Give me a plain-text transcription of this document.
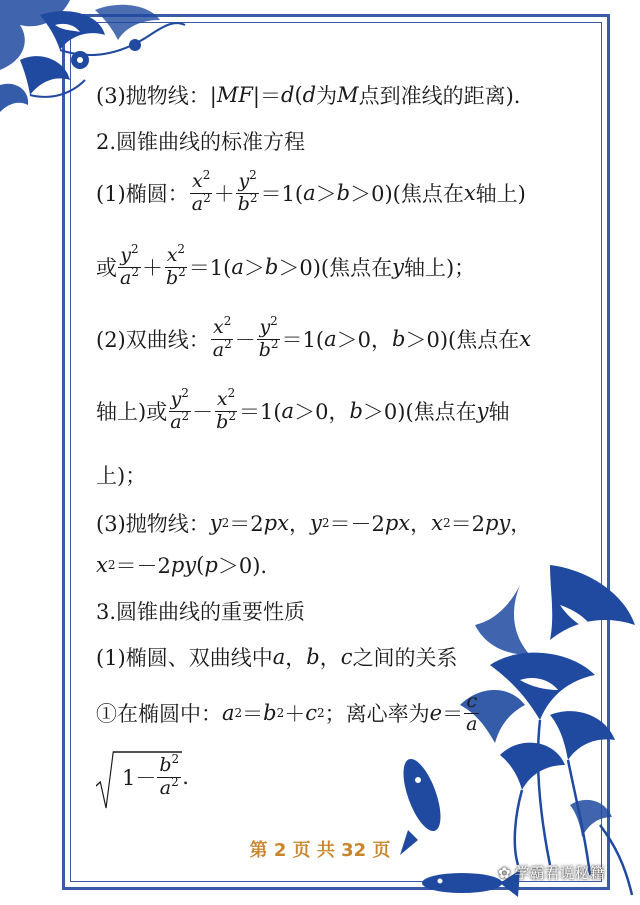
(3)抛物线：| MF |＝ d ( d 为 M 点到准线的距离).
2.圆锥曲线的标准方程
(1)椭圆： $\frac{x^2}{a^2} + \frac{y^2}{b^2} =1$( a ＞ b ＞0)(焦点在 x 轴上)
或 $\frac{y^2}{a^2} + \frac{x^2}{b^2} =1$( a ＞ b ＞0)(焦点在 y 轴上)；
(2)双曲线： $\frac{x^2}{a^2} - \frac{y^2}{b^2} =1$( a ＞0， b ＞0)(焦点在 x
轴上)或 $\frac{y^2}{a^2} - \frac{x^2}{b^2} =1$( a ＞0， b ＞0)(焦点在 y 轴
上)；
(3)抛物线： y 2 ＝2 px ， y 2 ＝－2 px ， x 2 ＝2 py ，
x 2 ＝－2 py ( p ＞0).
3.圆锥曲线的重要性质
(1)椭圆、双曲线中 a ， b ， c 之间的关系
①在椭圆中： a 2 ＝ b 2 ＋ c 2 ；离心率为 $e = \frac{c}{a}$
$1- \frac{b^2}{a^2}$ .
第 2 页 共 32 页
✿ 学霸君说秘籍
